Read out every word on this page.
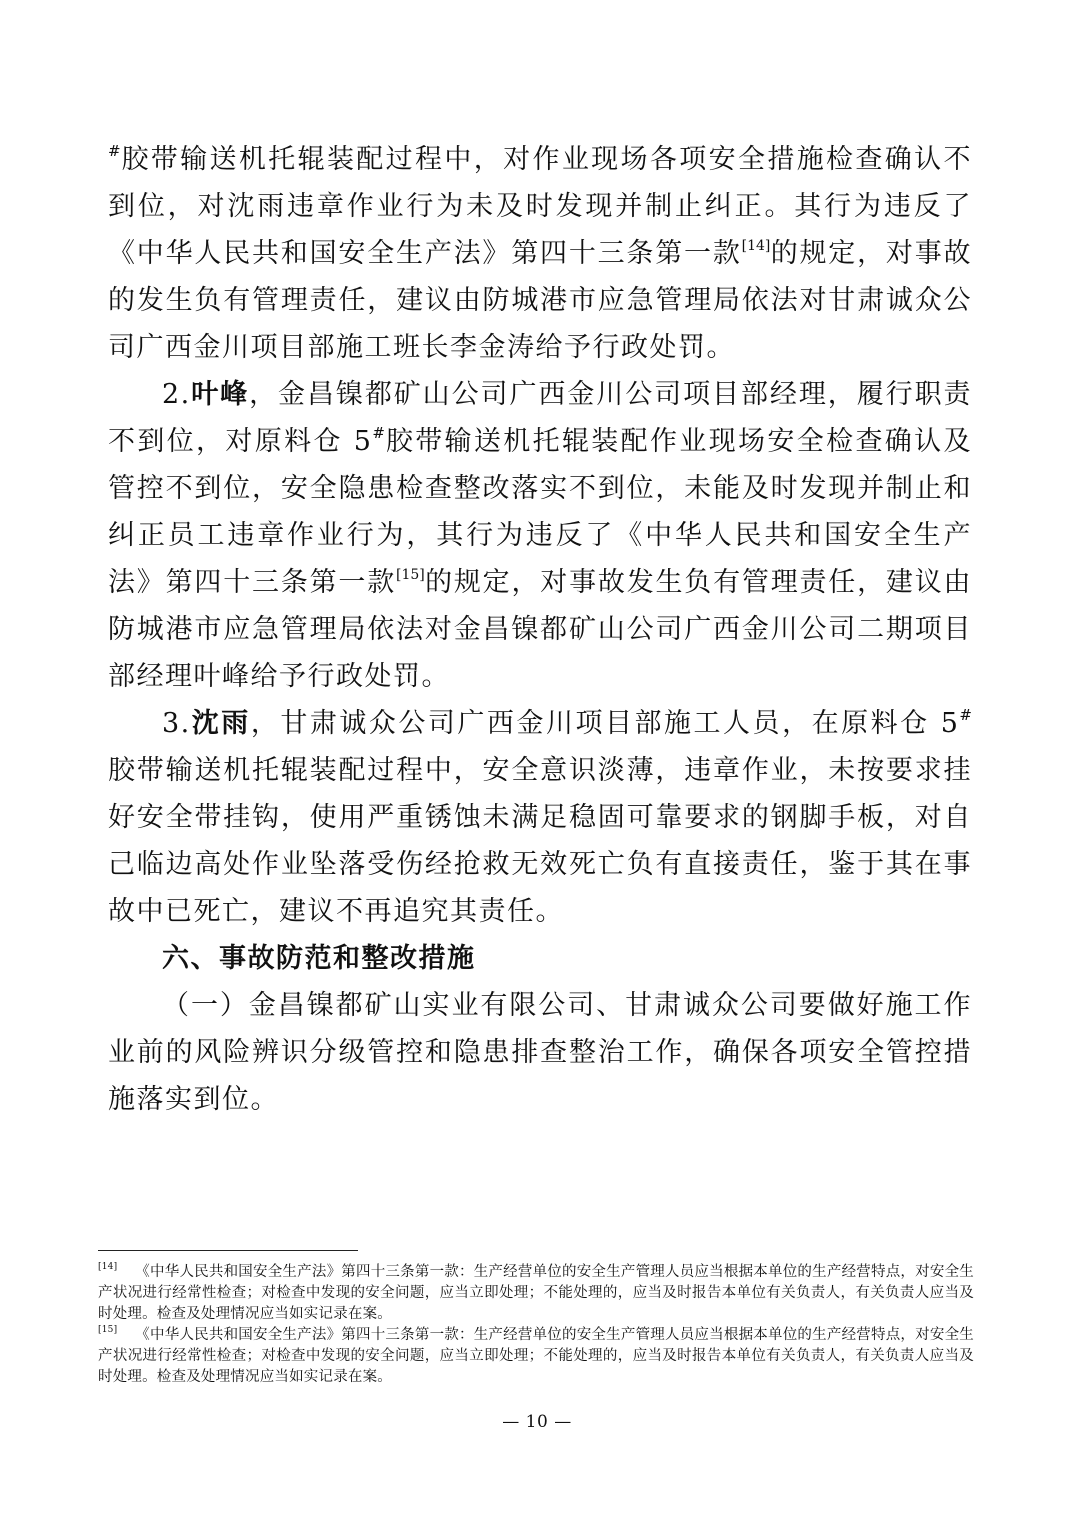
#胶带输送机托辊装配过程中，对作业现场各项安全措施检查确认不到位，对沈雨违章作业行为未及时发现并制止纠正。其行为违反了《中华人民共和国安全生产法》第四十三条第一款[14]的规定，对事故的发生负有管理责任，建议由防城港市应急管理局依法对甘肃诚众公司广西金川项目部施工班长李金涛给予行政处罚。

2.叶峰，金昌镍都矿山公司广西金川公司项目部经理，履行职责不到位，对原料仓 5#胶带输送机托辊装配作业现场安全检查确认及管控不到位，安全隐患检查整改落实不到位，未能及时发现并制止和纠正员工违章作业行为，其行为违反了《中华人民共和国安全生产法》第四十三条第一款[15]的规定，对事故发生负有管理责任，建议由防城港市应急管理局依法对金昌镍都矿山公司广西金川公司二期项目部经理叶峰给予行政处罚。

3.沈雨，甘肃诚众公司广西金川项目部施工人员，在原料仓 5#胶带输送机托辊装配过程中，安全意识淡薄，违章作业，未按要求挂好安全带挂钩，使用严重锈蚀未满足稳固可靠要求的钢脚手板，对自己临边高处作业坠落受伤经抢救无效死亡负有直接责任，鉴于其在事故中已死亡，建议不再追究其责任。

六、事故防范和整改措施

（一）金昌镍都矿山实业有限公司、甘肃诚众公司要做好施工作业前的风险辨识分级管控和隐患排查整治工作，确保各项安全管控措施落实到位。

[14] 《中华人民共和国安全生产法》第四十三条第一款：生产经营单位的安全生产管理人员应当根据本单位的生产经营特点，对安全生产状况进行经常性检查；对检查中发现的安全问题，应当立即处理；不能处理的，应当及时报告本单位有关负责人，有关负责人应当及时处理。检查及处理情况应当如实记录在案。

[15] 《中华人民共和国安全生产法》第四十三条第一款：生产经营单位的安全生产管理人员应当根据本单位的生产经营特点，对安全生产状况进行经常性检查；对检查中发现的安全问题，应当立即处理；不能处理的，应当及时报告本单位有关负责人，有关负责人应当及时处理。检查及处理情况应当如实记录在案。

— 10 —
